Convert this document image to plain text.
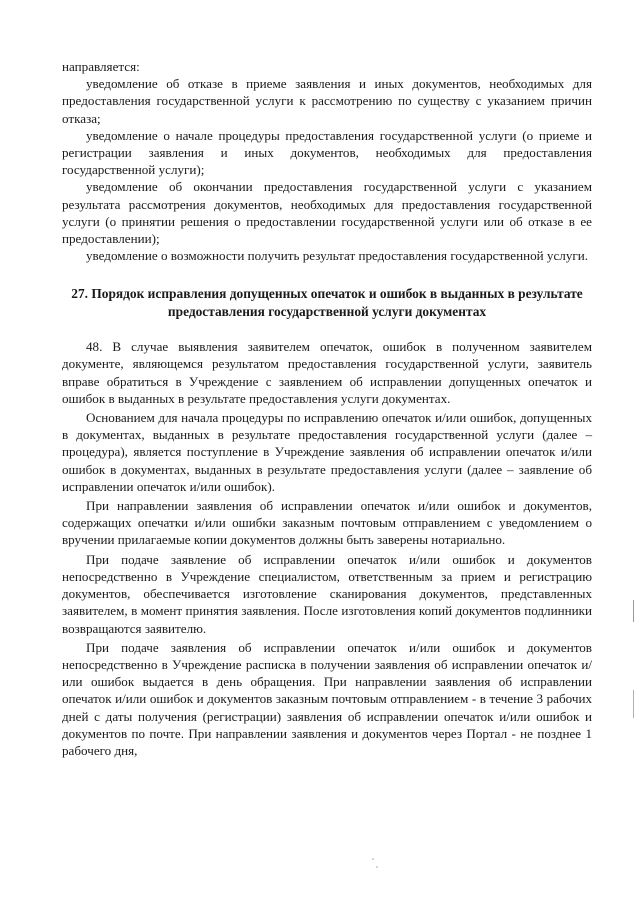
направляется:

уведомление об отказе в приеме заявления и иных документов, необходимых для предоставления государственной услуги к рассмотрению по существу с указанием причин отказа;

уведомление о начале процедуры предоставления государственной услуги (о приеме и регистрации заявления и иных документов, необходимых для предоставления государственной услуги);

уведомление об окончании предоставления государственной услуги с указанием результата рассмотрения документов, необходимых для предоставления государственной услуги (о принятии решения о предоставлении государственной услуги или об отказе в ее предоставлении);

уведомление о возможности получить результат предоставления государственной услуги.

27. Порядок исправления допущенных опечаток и ошибок в выданных в результате предоставления государственной услуги документах

48. В случае выявления заявителем опечаток, ошибок в полученном заявителем документе, являющемся результатом предоставления государственной услуги, заявитель вправе обратиться в Учреждение с заявлением об исправлении допущенных опечаток и ошибок в выданных в результате предоставления услуги документах.

Основанием для начала процедуры по исправлению опечаток и/или ошибок, допущенных в документах, выданных в результате предоставления государственной услуги (далее – процедура), является поступление в Учреждение заявления об исправлении опечаток и/или ошибок в документах, выданных в результате предоставления услуги (далее – заявление об исправлении опечаток и/или ошибок).

При направлении заявления об исправлении опечаток и/или ошибок и документов, содержащих опечатки и/или ошибки заказным почтовым отправлением с уведомлением о вручении прилагаемые копии документов должны быть заверены нотариально.

При подаче заявление об исправлении опечаток и/или ошибок и документов непосредственно в Учреждение специалистом, ответственным за прием и регистрацию документов, обеспечивается изготовление сканирования документов, представленных заявителем, в момент принятия заявления. После изготовления копий документов подлинники возвращаются заявителю.

При подаче заявления об исправлении опечаток и/или ошибок и документов непосредственно в Учреждение расписка в получении заявления об исправлении опечаток и/или ошибок выдается в день обращения. При направлении заявления об исправлении опечаток и/или ошибок и документов заказным почтовым отправлением - в течение 3 рабочих дней с даты получения (регистрации) заявления об исправлении опечаток и/или ошибок и документов по почте. При направлении заявления и документов через Портал - не позднее 1 рабочего дня,
